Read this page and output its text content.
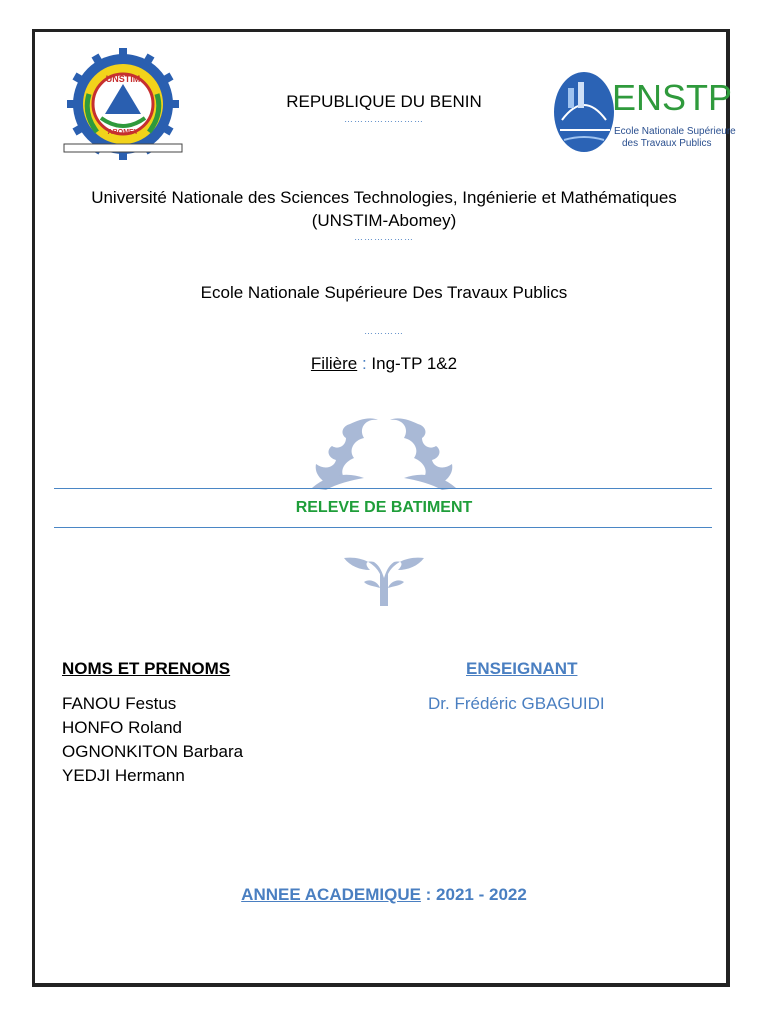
UNSTIM
ABOMEY
ENSTP
Ecole Nationale Supérieure
des Travaux Publics
REPUBLIQUE DU BENIN
……………………
Université Nationale des Sciences Technologies, Ingénierie et Mathématiques
(UNSTIM-Abomey)
………………
Ecole Nationale Supérieure Des Travaux Publics
…………
Filière : Ing-TP 1&2
RELEVE DE BATIMENT
NOMS ET PRENOMS
FANOU Festus
HONFO Roland
OGNONKITON Barbara
YEDJI Hermann
ENSEIGNANT
Dr. Frédéric GBAGUIDI
ANNEE ACADEMIQUE : 2021 - 2022
